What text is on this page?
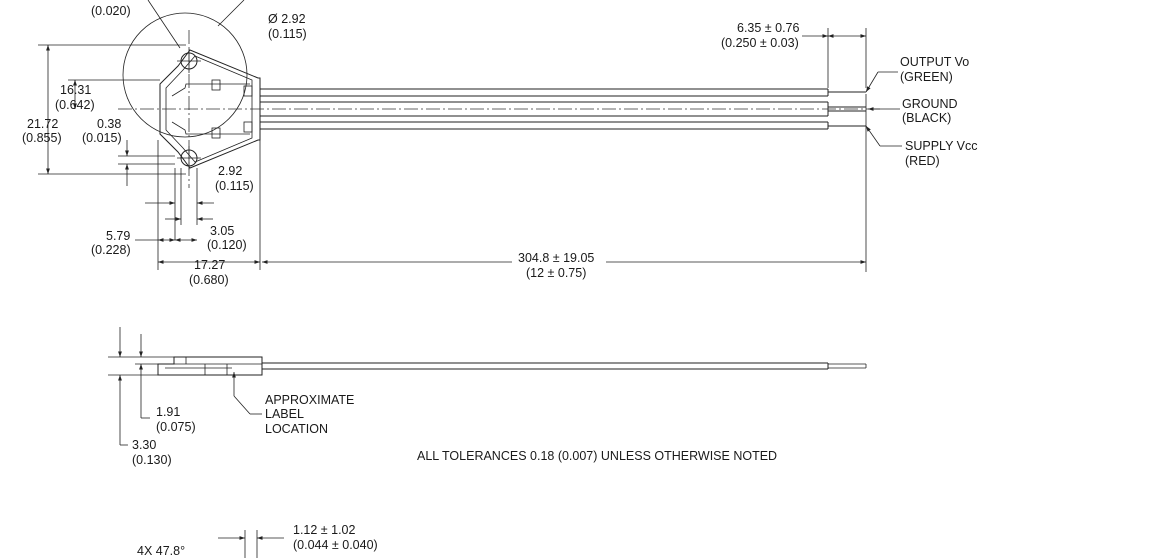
(0.020)
Ø 2.92
(0.115)
16.31
(0.642)
21.72
(0.855)
0.38
(0.015)
2.92
(0.115)
5.79
(0.228)
3.05
(0.120)
17.27
(0.680)
304.8 ± 19.05
(12 ± 0.75)
6.35 ± 0.76
(0.250 ± 0.03)
OUTPUT Vo
(GREEN)
GROUND
(BLACK)
SUPPLY Vcc
(RED)
1.91
(0.075)
3.30
(0.130)
APPROXIMATE
LABEL
LOCATION
ALL TOLERANCES 0.18 (0.007) UNLESS OTHERWISE NOTED
4X 47.8°
1.12 ± 1.02
(0.044 ± 0.040)
